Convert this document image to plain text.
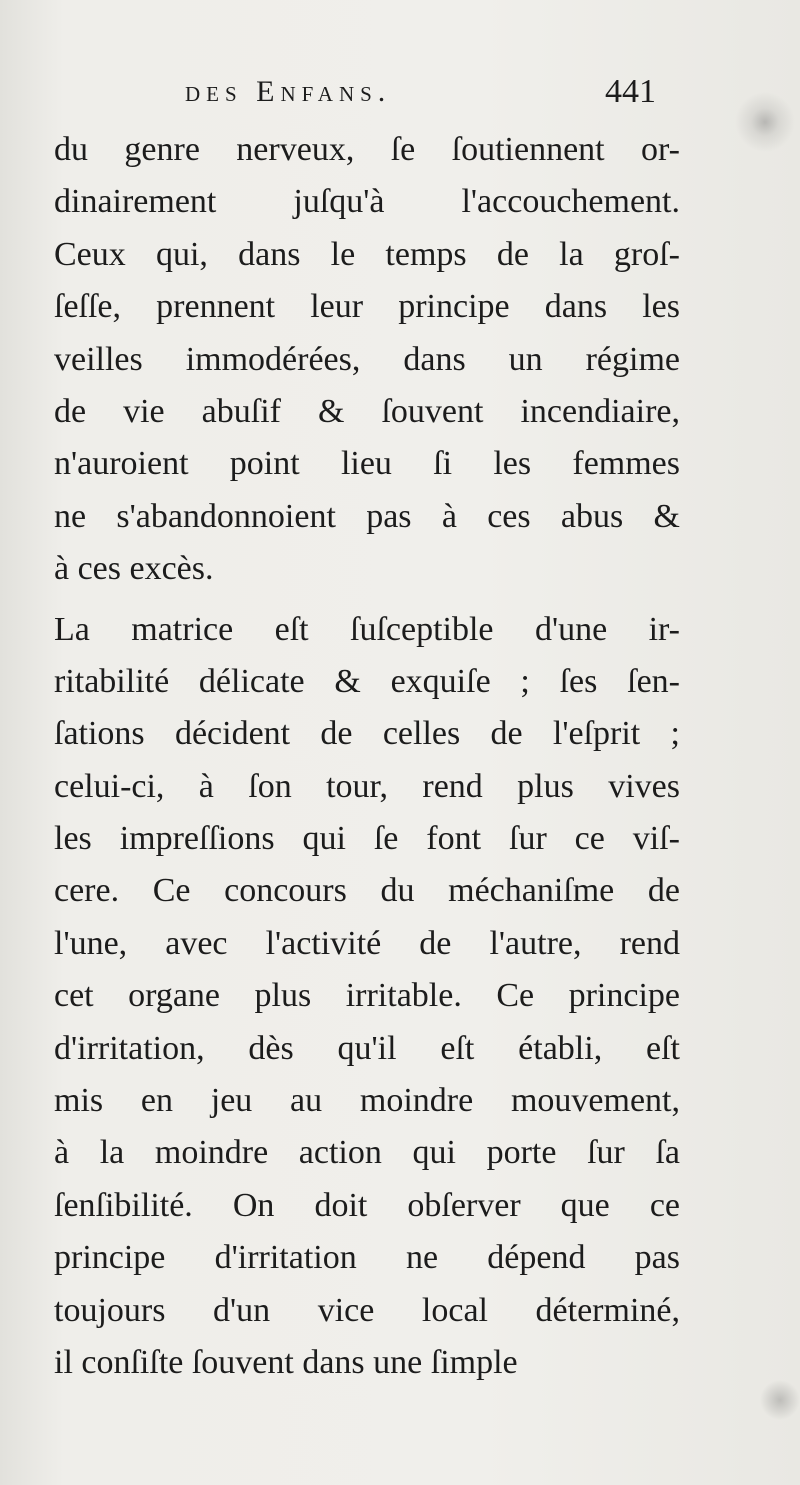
des Enfans.	441
du genre nerveux, ſe ſoutiennent or-
dinairement juſqu'à l'accouchement.
Ceux qui, dans le temps de la groſ-
ſeſſe, prennent leur principe dans les
veilles immodérées, dans un régime
de vie abuſif & ſouvent incendiaire,
n'auroient point lieu ſi les femmes
ne s'abandonnoient pas à ces abus &
à ces excès.
La matrice eſt ſuſceptible d'une ir-
ritabilité délicate & exquiſe ; ſes ſen-
ſations décident de celles de l'eſprit ;
celui-ci, à ſon tour, rend plus vives
les impreſſions qui ſe font ſur ce viſ-
cere. Ce concours du méchaniſme de
l'une, avec l'activité de l'autre, rend
cet organe plus irritable. Ce principe
d'irritation, dès qu'il eſt établi, eſt
mis en jeu au moindre mouvement,
à la moindre action qui porte ſur ſa
ſenſibilité. On doit obſerver que ce
principe d'irritation ne dépend pas
toujours d'un vice local déterminé,
il conſiſte ſouvent dans une ſimple
